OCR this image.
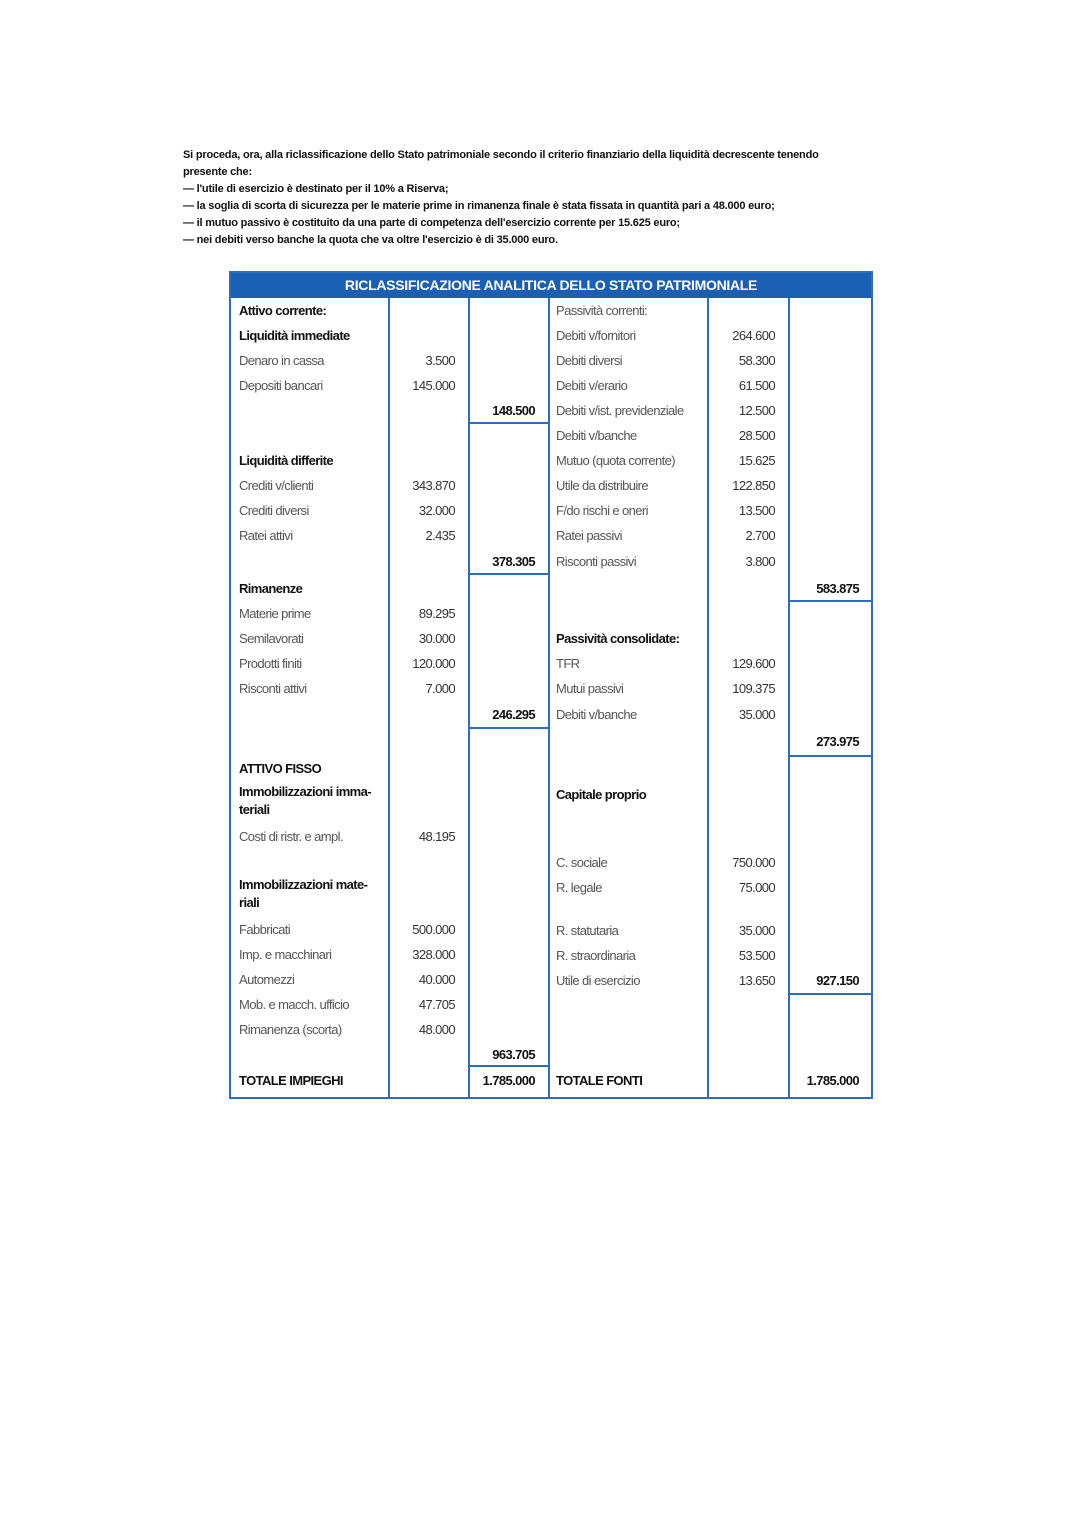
Si proceda, ora, alla riclassificazione dello Stato patrimoniale secondo il criterio finanziario della liquidità decrescente tenendo

presente che:

— l'utile di esercizio è destinato per il 10% a Riserva;

— la soglia di scorta di sicurezza per le materie prime in rimanenza finale è stata fissata in quantità pari a 48.000 euro;

— il mutuo passivo è costituito da una parte di competenza dell'esercizio corrente per 15.625 euro;

— nei debiti verso banche la quota che va oltre l'esercizio è di 35.000 euro.

RICLASSIFICAZIONE ANALITICA DELLO STATO PATRIMONIALE
Attivo corrente:
Liquidità immediate
Denaro in cassa	3.500
Depositi bancari	145.000
148.500
Liquidità differite
Crediti v/clienti	343.870
Crediti diversi	32.000
Ratei attivi	2.435
378.305
Rimanenze
Materie prime	89.295
Semilavorati	30.000
Prodotti finiti	120.000
Risconti attivi	7.000
246.295
ATTIVO FISSO
Immobilizzazioni imma-
teriali
Costi di ristr. e ampl.	48.195
Immobilizzazioni mate-
riali
Fabbricati	500.000
Imp. e macchinari	328.000
Automezzi	40.000
Mob. e macch. ufficio	47.705
Rimanenza (scorta)	48.000
963.705
TOTALE IMPIEGHI	1.785.000
Passività correnti:
Debiti v/fornitori	264.600
Debiti diversi	58.300
Debiti v/erario	61.500
Debiti v/ist. previdenziale	12.500
Debiti v/banche	28.500
Mutuo (quota corrente)	15.625
Utile da distribuire	122.850
F/do rischi e oneri	13.500
Ratei passivi	2.700
Risconti passivi	3.800
583.875
Passività consolidate:
TFR	129.600
Mutui passivi	109.375
Debiti v/banche	35.000
273.975
Capitale proprio
C. sociale	750.000
R. legale	75.000
R. statutaria	35.000
R. straordinaria	53.500
Utile di esercizio	13.650	927.150
TOTALE FONTI	1.785.000
